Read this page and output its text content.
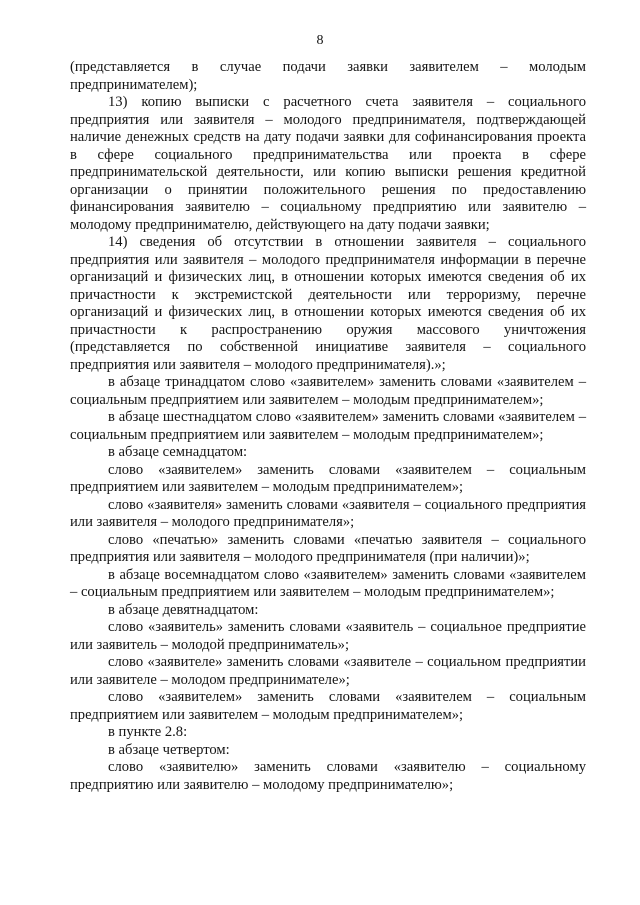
8

(представляется в случае подачи заявки заявителем – молодым предпринимателем);

13) копию выписки с расчетного счета заявителя – социального предприятия или заявителя – молодого предпринимателя, подтверждающей наличие денежных средств на дату подачи заявки для софинансирования проекта в сфере социального предпринимательства или проекта в сфере предпринимательской деятельности, или копию выписки решения кредитной организации о принятии положительного решения по предоставлению финансирования заявителю – социальному предприятию или заявителю – молодому предпринимателю, действующего на дату подачи заявки;

14) сведения об отсутствии в отношении заявителя – социального предприятия или заявителя – молодого предпринимателя информации в перечне организаций и физических лиц, в отношении которых имеются сведения об их причастности к экстремистской деятельности или терроризму, перечне организаций и физических лиц, в отношении которых имеются сведения об их причастности к распространению оружия массового уничтожения (представляется по собственной инициативе заявителя – социального предприятия или заявителя – молодого предпринимателя).»;

в абзаце тринадцатом слово «заявителем» заменить словами «заявителем – социальным предприятием или заявителем – молодым предпринимателем»;

в абзаце шестнадцатом слово «заявителем» заменить словами «заявителем – социальным предприятием или заявителем – молодым предпринимателем»;

в абзаце семнадцатом:

слово «заявителем» заменить словами «заявителем – социальным предприятием или заявителем – молодым предпринимателем»;

слово «заявителя» заменить словами «заявителя – социального предприятия или заявителя – молодого предпринимателя»;

слово «печатью» заменить словами «печатью заявителя – социального предприятия или заявителя – молодого предпринимателя (при наличии)»;

в абзаце восемнадцатом слово «заявителем» заменить словами «заявителем – социальным предприятием или заявителем – молодым предпринимателем»;

в абзаце девятнадцатом:

слово «заявитель» заменить словами «заявитель – социальное предприятие или заявитель – молодой предприниматель»;

слово «заявителе» заменить словами «заявителе – социальном предприятии или заявителе – молодом предпринимателе»;

слово «заявителем» заменить словами «заявителем – социальным предприятием или заявителем – молодым предпринимателем»;

в пункте 2.8:

в абзаце четвертом:

слово «заявителю» заменить словами «заявителю – социальному предприятию или заявителю – молодому предпринимателю»;
